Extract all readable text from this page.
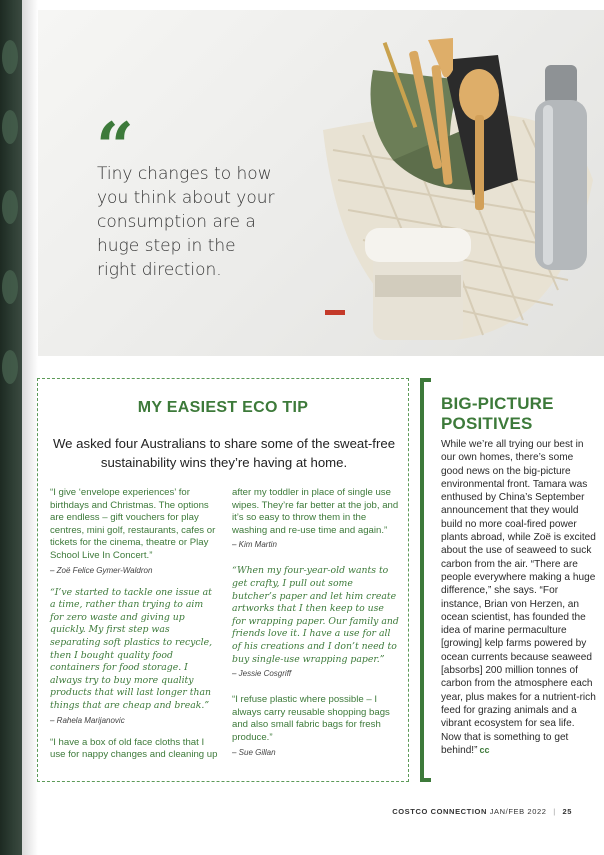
“

Tiny changes to how you think about your consumption are a huge step in the right direction.

MY EASIEST ECO TIP

We asked four Australians to share some of the sweat-free sustainability wins they’re having at home.

“I give ‘envelope experiences’ for birthdays and Christmas. The options are endless – gift vouchers for play centres, mini golf, restaurants, cafes or tickets for the cinema, theatre or Play School Live In Concert.”

– Zoë Felice Gymer-Waldron

“I’ve started to tackle one issue at a time, rather than trying to aim for zero waste and giving up quickly. My first step was separating soft plastics to recycle, then I bought quality food containers for food storage. I always try to buy more quality products that will last longer than things that are cheap and break.”

– Rahela Marijanovic

“I have a box of old face cloths that I use for nappy changes and cleaning up

after my toddler in place of single use wipes. They’re far better at the job, and it’s so easy to throw them in the washing and re-use time and again.”

– Kim Martin

“When my four-year-old wants to get crafty, I pull out some butcher’s paper and let him create artworks that I then keep to use for wrapping paper. Our family and friends love it. I have a use for all of his creations and I don’t need to buy single-use wrapping paper.”

– Jessie Cosgriff

“I refuse plastic where possible – I always carry reusable shopping bags and also small fabric bags for fresh produce.”

– Sue Gillan

BIG-PICTURE POSITIVES

While we’re all trying our best in our own homes, there’s some good news on the big-picture environmental front. Tamara was enthused by China’s September announcement that they would build no more coal-fired power plants abroad, while Zoë is excited about the use of seaweed to suck carbon from the air. “There are people everywhere making a huge difference,” she says. “For instance, Brian von Herzen, an ocean scientist, has founded the idea of marine permaculture [growing] kelp farms powered by ocean currents because seaweed [absorbs] 200 million tonnes of carbon from the atmosphere each year, plus makes for a nutrient-rich feed for grazing animals and a vibrant ecosystem for sea life. Now that is something to get behind!” cc

COSTCO CONNECTION JAN/FEB 2022 | 25
